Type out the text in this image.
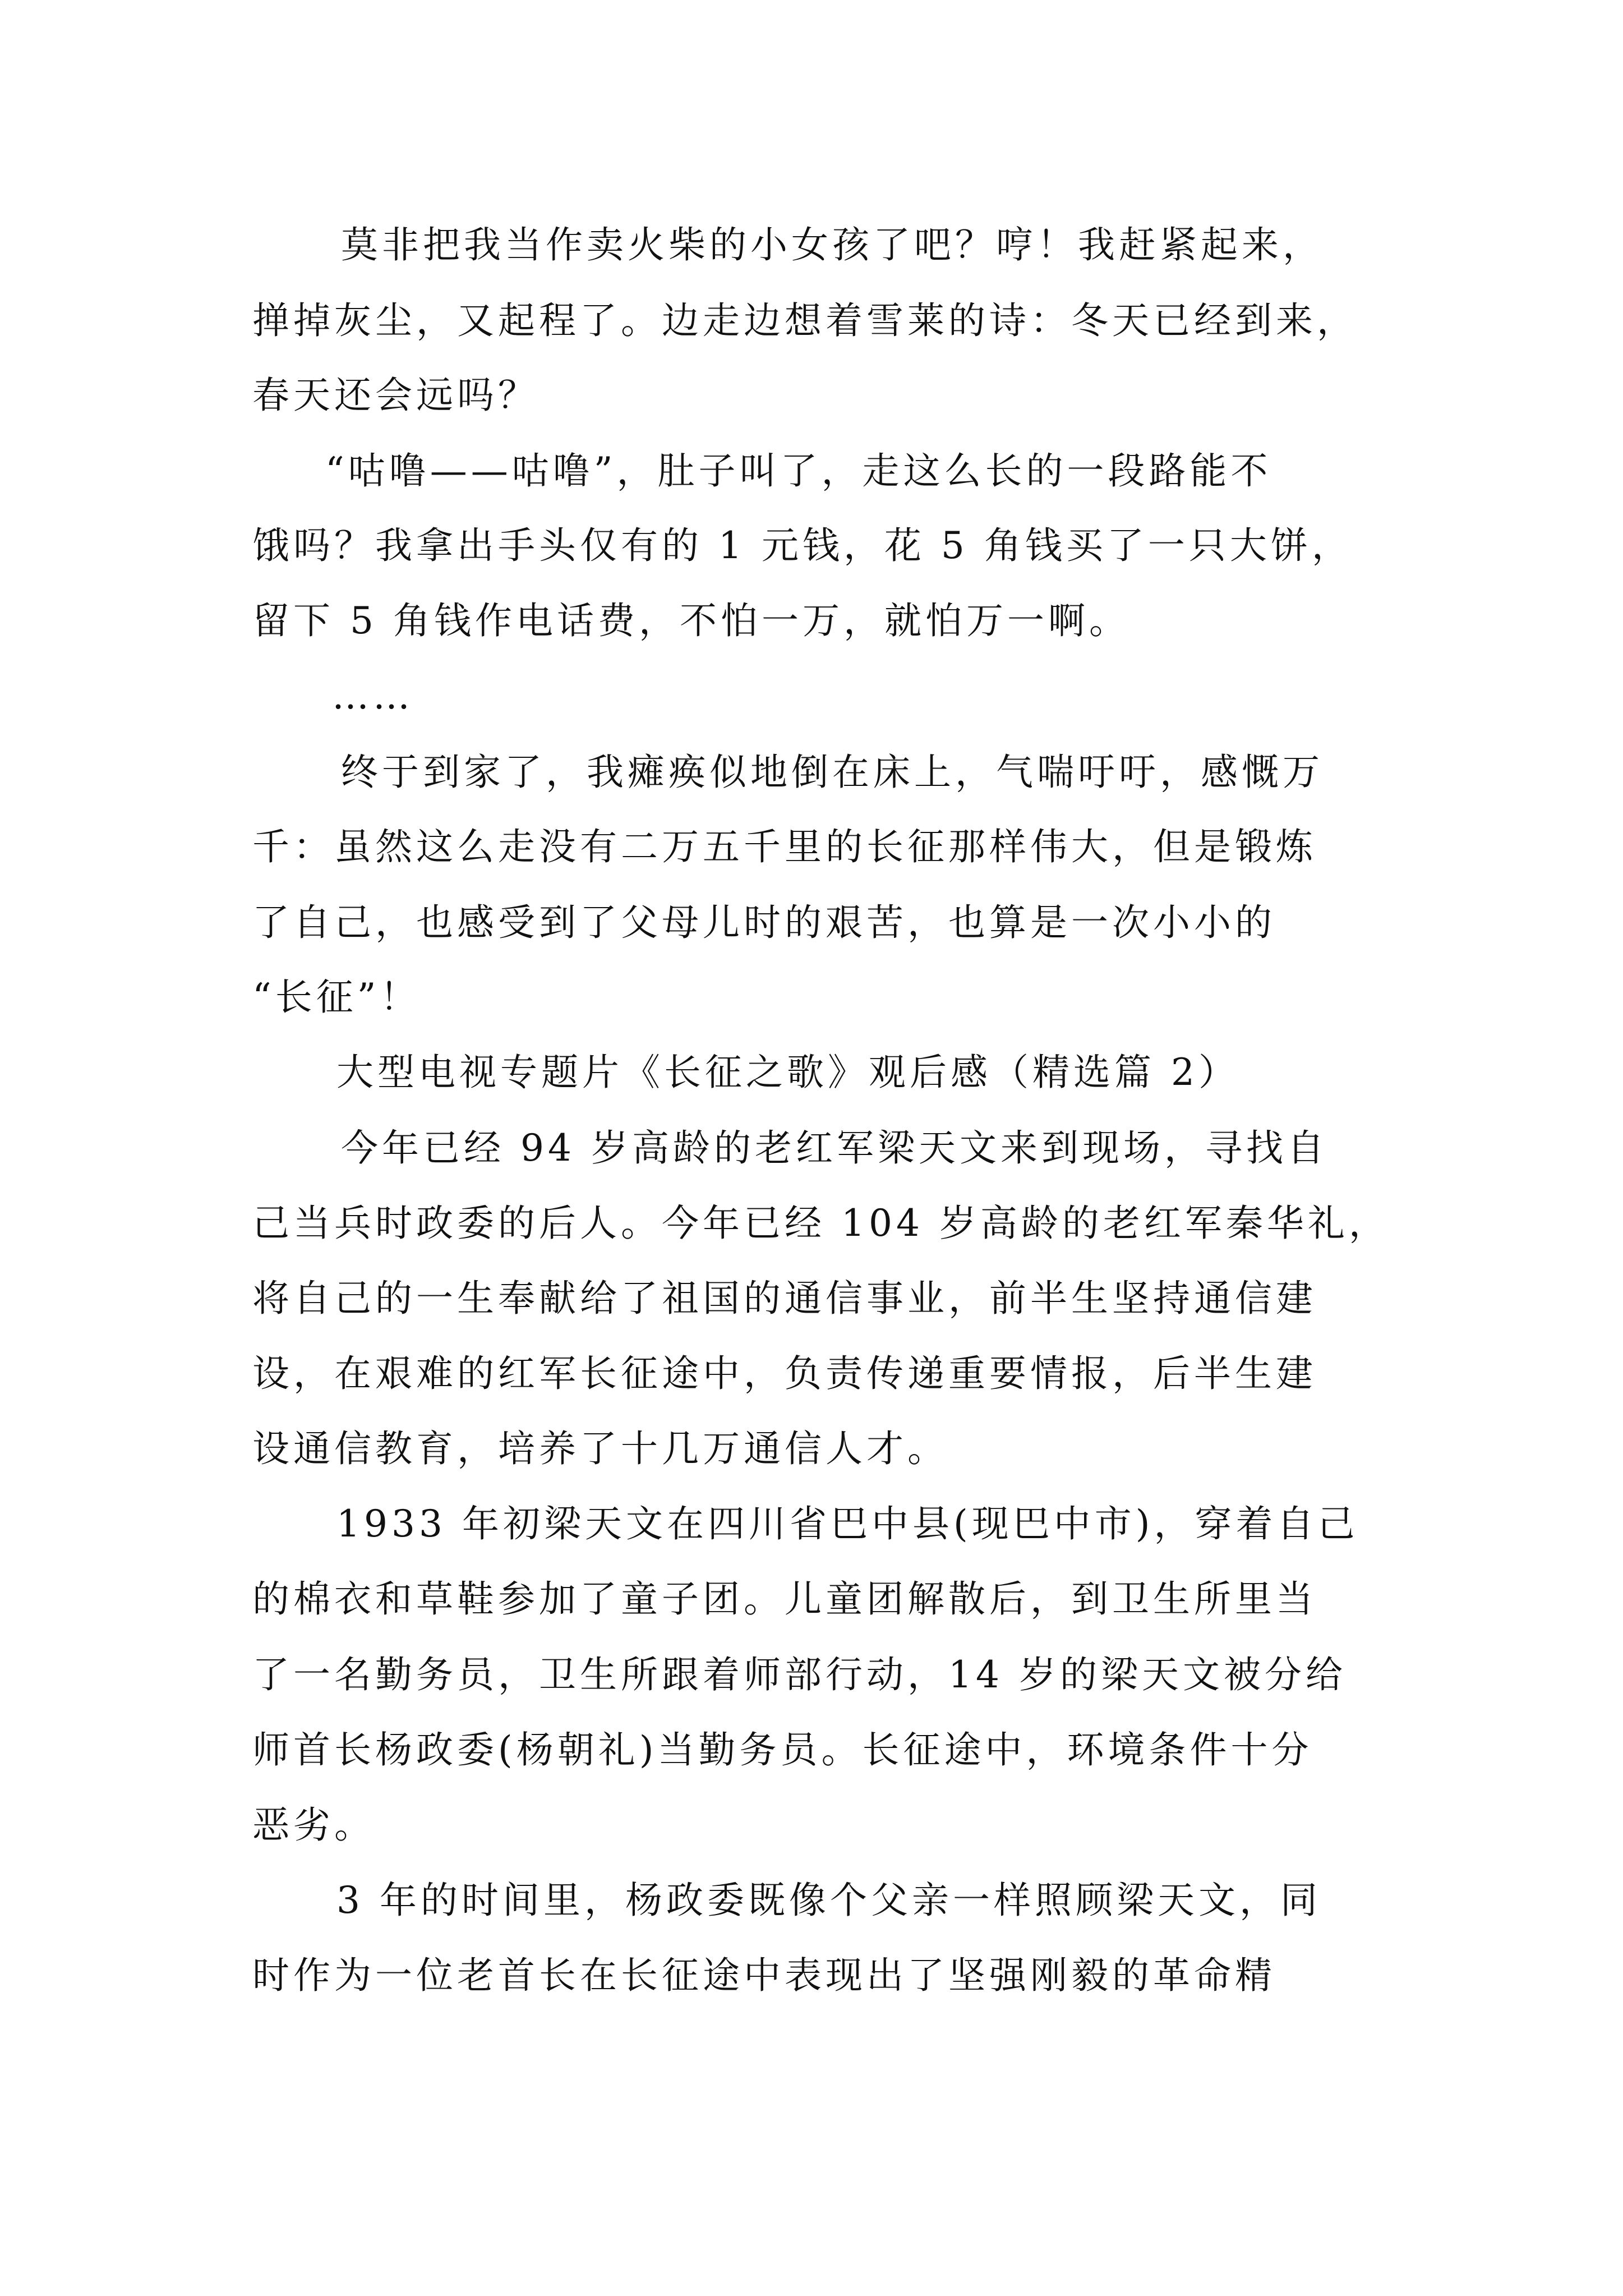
莫非把我当作卖火柴的小女孩了吧？哼！我赶紧起来，
掸掉灰尘，又起程了。边走边想着雪莱的诗：冬天已经到来，
春天还会远吗？
“咕噜——咕噜”，肚子叫了，走这么长的一段路能不
饿吗？我拿出手头仅有的 1 元钱，花 5 角钱买了一只大饼，
留下 5 角钱作电话费，不怕一万，就怕万一啊。
……
终于到家了，我瘫痪似地倒在床上，气喘吁吁，感慨万
千：虽然这么走没有二万五千里的长征那样伟大，但是锻炼
了自己，也感受到了父母儿时的艰苦，也算是一次小小的
“长征”！
大型电视专题片《长征之歌》观后感（精选篇 2）
今年已经 94 岁高龄的老红军梁天文来到现场，寻找自
己当兵时政委的后人。今年已经 104 岁高龄的老红军秦华礼，
将自己的一生奉献给了祖国的通信事业，前半生坚持通信建
设，在艰难的红军长征途中，负责传递重要情报，后半生建
设通信教育，培养了十几万通信人才。
1933 年初梁天文在四川省巴中县(现巴中市)，穿着自己
的棉衣和草鞋参加了童子团。儿童团解散后，到卫生所里当
了一名勤务员，卫生所跟着师部行动，14 岁的梁天文被分给
师首长杨政委(杨朝礼)当勤务员。长征途中，环境条件十分
恶劣。
3 年的时间里，杨政委既像个父亲一样照顾梁天文，同
时作为一位老首长在长征途中表现出了坚强刚毅的革命精
